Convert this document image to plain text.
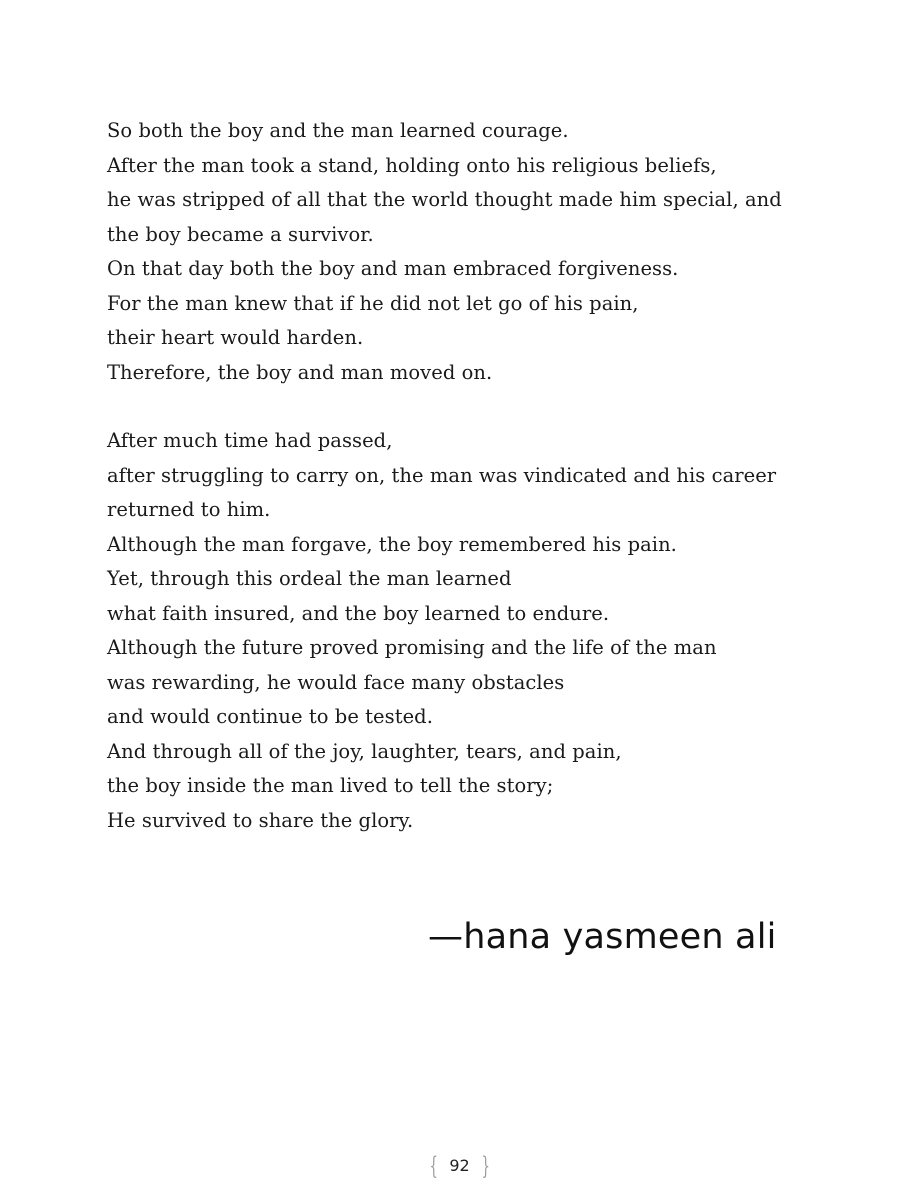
So both the boy and the man learned courage.
After the man took a stand, holding onto his religious beliefs,
he was stripped of all that the world thought made him special, and
the boy became a survivor.
On that day both the boy and man embraced forgiveness.
For the man knew that if he did not let go of his pain,
their heart would harden.
Therefore, the boy and man moved on.
After much time had passed,
after struggling to carry on, the man was vindicated and his career
returned to him.
Although the man forgave, the boy remembered his pain.
Yet, through this ordeal the man learned
what faith insured, and the boy learned to endure.
Although the future proved promising and the life of the man
was rewarding, he would face many obstacles
and would continue to be tested.
And through all of the joy, laughter, tears, and pain,
the boy inside the man lived to tell the story;
He survived to share the glory.
—hana yasmeen ali
{ 92 }
